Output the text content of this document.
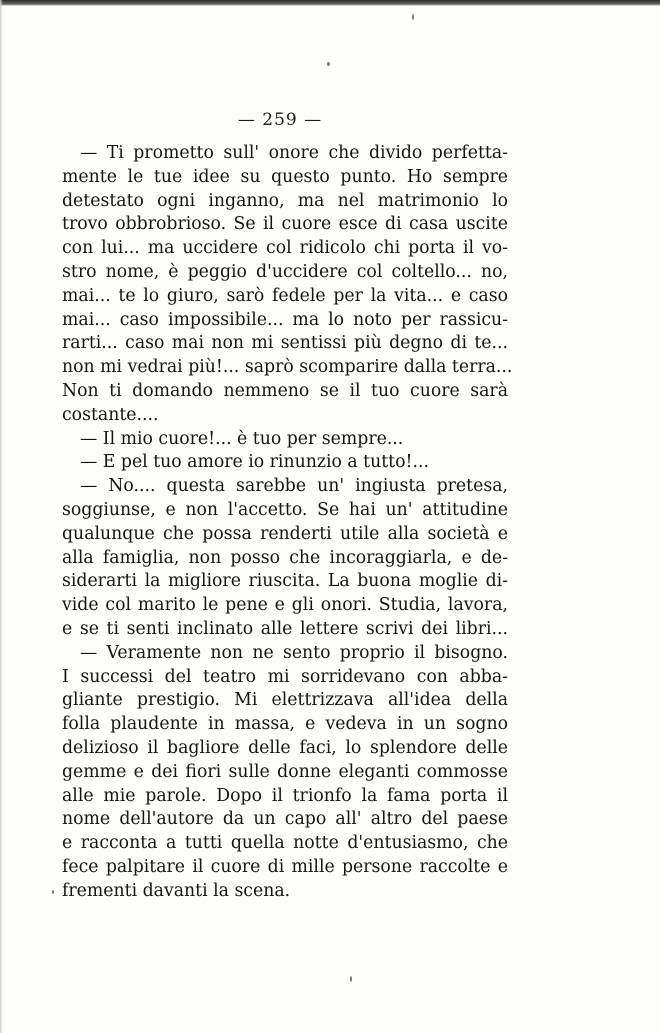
— 259 —
— Ti prometto sull' onore che divido perfetta-
mente le tue idee su questo punto. Ho sempre
detestato ogni inganno, ma nel matrimonio lo
trovo obbrobrioso. Se il cuore esce di casa uscite
con lui... ma uccidere col ridicolo chi porta il vo-
stro nome, è peggio d'uccidere col coltello... no,
mai... te lo giuro, sarò fedele per la vita... e caso
mai... caso impossibile... ma lo noto per rassicu-
rarti... caso mai non mi sentissi più degno di te...
non mi vedrai più!... saprò scomparire dalla terra...
Non ti domando nemmeno se il tuo cuore sarà
costante....
— Il mio cuore!... è tuo per sempre...
— E pel tuo amore io rinunzio a tutto!...
— No.... questa sarebbe un' ingiusta pretesa,
soggiunse, e non l'accetto. Se hai un' attitudine
qualunque che possa renderti utile alla società e
alla famiglia, non posso che incoraggiarla, e de-
siderarti la migliore riuscita. La buona moglie di-
vide col marito le pene e gli onori. Studia, lavora,
e se ti senti inclinato alle lettere scrivi dei libri...
— Veramente non ne sento proprio il bisogno.
I successi del teatro mi sorridevano con abba-
gliante prestigio. Mi elettrizzava all'idea della
folla plaudente in massa, e vedeva in un sogno
delizioso il bagliore delle faci, lo splendore delle
gemme e dei fiori sulle donne eleganti commosse
alle mie parole. Dopo il trionfo la fama porta il
nome dell'autore da un capo all' altro del paese
e racconta a tutti quella notte d'entusiasmo, che
fece palpitare il cuore di mille persone raccolte e
frementi davanti la scena.
